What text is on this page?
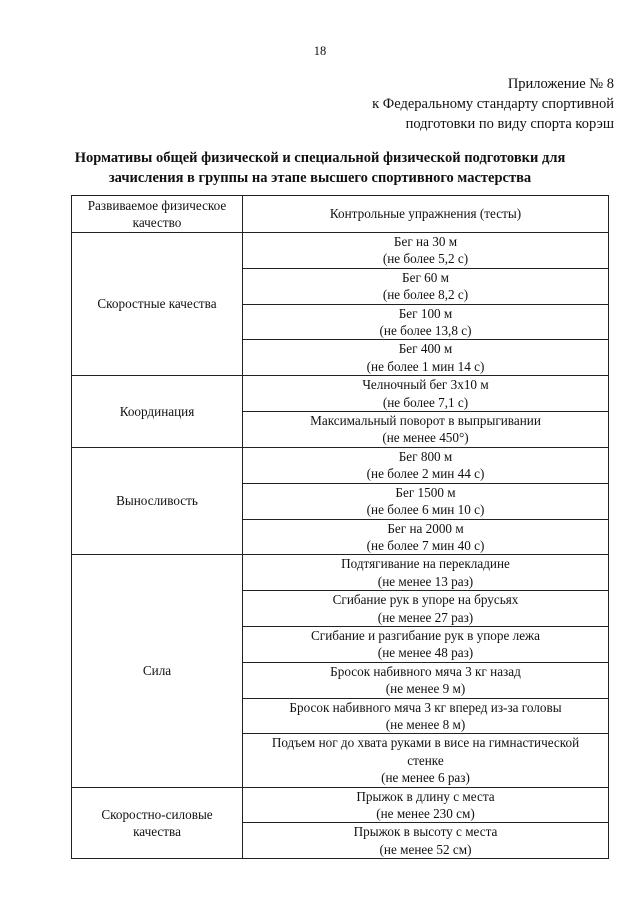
18
Приложение № 8
к Федеральному стандарту спортивной
подготовки по виду спорта корэш
Нормативы общей физической и специальной физической подготовки для
зачисления в группы на этапе высшего спортивного мастерства
Развиваемое физическое
качество	Контрольные упражнения (тесты)

Скоростные качества	Бег на 30 м
(не более 5,2 с)

	Бег 60 м
(не более 8,2 с)

	Бег 100 м
(не более 13,8 с)

	Бег 400 м
(не более 1 мин 14 с)

Координация	Челночный бег 3х10 м
(не более 7,1 с)

	Максимальный поворот в выпрыгивании
(не менее 450°)

Выносливость	Бег 800 м
(не более 2 мин 44 с)

	Бег 1500 м
(не более 6 мин 10 с)

	Бег на 2000 м
(не более 7 мин 40 с)

Сила	Подтягивание на перекладине
(не менее 13 раз)

	Сгибание рук в упоре на брусьях
(не менее 27 раз)

	Сгибание и разгибание рук в упоре лежа
(не менее 48 раз)

	Бросок набивного мяча 3 кг назад
(не менее 9 м)

	Бросок набивного мяча 3 кг вперед из-за головы
(не менее 8 м)

	Подъем ног до хвата руками в висе на гимнастической
стенке
(не менее 6 раз)

Скоростно-силовые
качества	Прыжок в длину с места
(не менее 230 см)

	Прыжок в высоту с места
(не менее 52 см)
